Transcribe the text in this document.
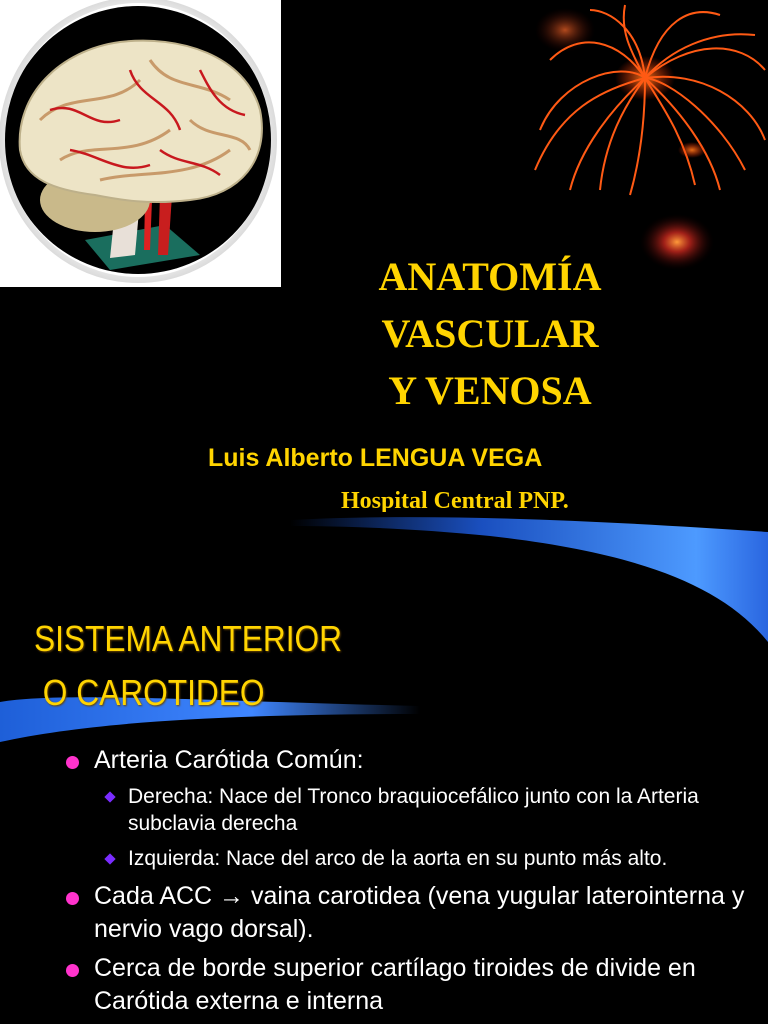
ANATOMÍA
VASCULAR
Y VENOSA
Luis Alberto LENGUA VEGA
Hospital Central PNP.
SISTEMA ANTERIOR
O CAROTIDEO
Arteria Carótida Común:
Derecha: Nace del Tronco braquiocefálico junto con la Arteria subclavia derecha
Izquierda: Nace del arco de la aorta en su punto más alto.
Cada ACC → vaina carotidea (vena yugular laterointerna y nervio vago dorsal).
Cerca de borde superior cartílago tiroides de divide en Carótida externa e interna
